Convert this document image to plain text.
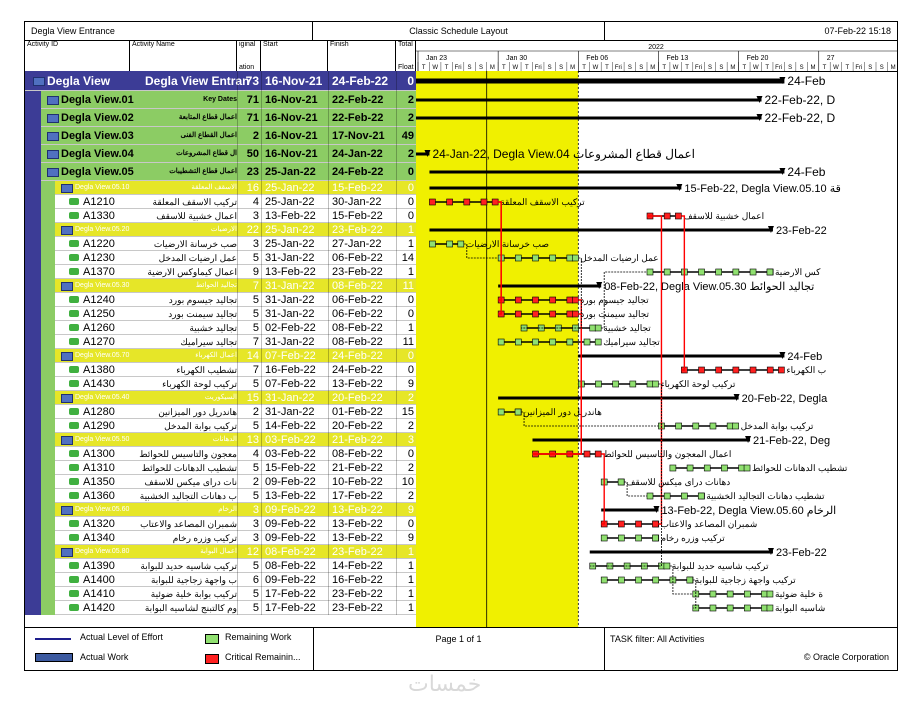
Degla View Entrance	Classic Schedule Layout	07-Feb-22 15:18
Activity ID	Activity Name	iginal
ation
Start	Finish	Total
Float
2022
Jan 23	Jan 30	Feb 06	Feb 13	Feb 20	27
T W T Fri S S M T W T Fri S S M T W T Fri S S M T W T Fri S S M T W T Fri S S M T W T Fri S S M
Degla View	Degla View Entran
73 16-Nov-21 24-Feb-22	0
Degla View.01	Key Dates 71 16-Nov-21	22-Feb-22	2
Degla View.02	اعمال قطاع المتابعة 71 16-Nov-21	22-Feb-22	2
Degla View.03	اعمال القطاع الفنى	2 16-Nov-21	17-Nov-21	49
Degla View.04	ال قطاع المشروعات 50 16-Nov-21	24-Jan-22	2
Degla View.05	اعمال قطاع التشطيبات 23 25-Jan-22	24-Feb-22	0
Degla View.05.10	الاسقف المعلقة 16 25-Jan-22	15-Feb-22	0
A1210	تركيب الاسقف المعلقة	4 25-Jan-22	30-Jan-22	0
A1330	اعمال خشبية للاسقف	3 13-Feb-22	15-Feb-22	0
Degla View.05.20	الارضيات 22 25-Jan-22	23-Feb-22	1
A1220	صب خرسانة الارضيات	3 25-Jan-22	27-Jan-22	1
A1230	عمل ارضيات المدخل	5 31-Jan-22	06-Feb-22	14
A1370	اعمال كيماوكس الارضية	9 13-Feb-22	23-Feb-22	1
Degla View.05.30	تجاليد الحوائط	7 31-Jan-22	08-Feb-22	11
A1240	تجاليد جيسوم بورد	5 31-Jan-22	06-Feb-22	0
A1250	تجاليد سيمنت بورد	5 31-Jan-22	06-Feb-22	0
A1260	تجاليد خشبية	5 02-Feb-22	08-Feb-22	1
A1270	تجاليد سيراميك	7 31-Jan-22	08-Feb-22	11
Degla View.05.70	اعمال الكهرباء 14 07-Feb-22	24-Feb-22	0
A1380	تشطيب الكهرباء	7 16-Feb-22	24-Feb-22	0
A1430	تركيب لوحة الكهرباء	5 07-Feb-22	13-Feb-22	9
Degla View.05.40	السيكوريت 15 31-Jan-22	20-Feb-22	2
A1280	هاندريل دور الميزانين	2 31-Jan-22	01-Feb-22	15
A1290	تركيب بوابة المدخل	5 14-Feb-22	20-Feb-22	2
Degla View.05.50	الدهانات 13 03-Feb-22	21-Feb-22	3
A1300	معجون والتاسيس للحوائط	4 03-Feb-22	08-Feb-22	0
A1310	تشطيب الدهانات للحوائط	5 15-Feb-22	21-Feb-22	2
A1350	نات دراى ميكس للاسقف	2 09-Feb-22	10-Feb-22	10
A1360	ب دهانات التجاليد الخشبية	5 13-Feb-22	17-Feb-22	2
Degla View.05.60	الرخام	3 09-Feb-22	13-Feb-22	9
A1320	شمبران المصاعد والاعتاب	3 09-Feb-22	13-Feb-22	0
A1340	تركيب وزره رخام	3 09-Feb-22	13-Feb-22	9
Degla View.05.80	اعمال البوابة 12 08-Feb-22	23-Feb-22	1
A1390	تركيب شاسيه حديد للبوابة	5 08-Feb-22	14-Feb-22	1
A1400	ب واجهة زجاجية للبوابة	6 09-Feb-22	16-Feb-22	1
A1410	تركيب بوابة خلية ضوئية	5 17-Feb-22	23-Feb-22	1
A1420	وم كالتبنج لشاسيه البوابة	5 17-Feb-22	23-Feb-22	1
24-Feb
22-Feb-22, D
22-Feb-22, D
24-Jan-22, Degla View.04 اعمال قطاع المشروعات
24-Feb
15-Feb-22, Degla View.05.10 قة
تركيب الاسقف المعلقة
اعمال خشبية للاسقف
23-Feb-22
صب خرسانة الارضيات
عمل ارضيات المدخل
كس الارضية
08-Feb-22, Degla View.05.30 تجاليد الحوائط
تجاليد جيسوم بورد
تجاليد سيمنت بورد
تجاليد خشبية
تجاليد سيراميك
24-Feb
ب الكهرباء
تركيب لوحة الكهرباء
20-Feb-22, Degla
هاندريل دور الميزانين
تركيب بوابة المدخل
21-Feb-22, Deg
اعمال المعجون والتاسيس للحوائط
تشطيب الدهانات للحوائط
دهانات دراى ميكس للاسقف
تشطيب دهانات التجاليد الخشبية
13-Feb-22, Degla View.05.60 الرخام
شمبران المصاعد والاعتاب
تركيب وزره رخام
23-Feb-22
تركيب شاسيه حديد للبوابة
تركيب واجهة زجاجية للبوابة
ة خلية ضوئية
شاسيه البوابة
Actual Level of Effort
Actual Work
Remaining Work
Critical Remainin...
Page 1 of 1	TASK filter: All Activities
© Oracle Corporation
خمسات
